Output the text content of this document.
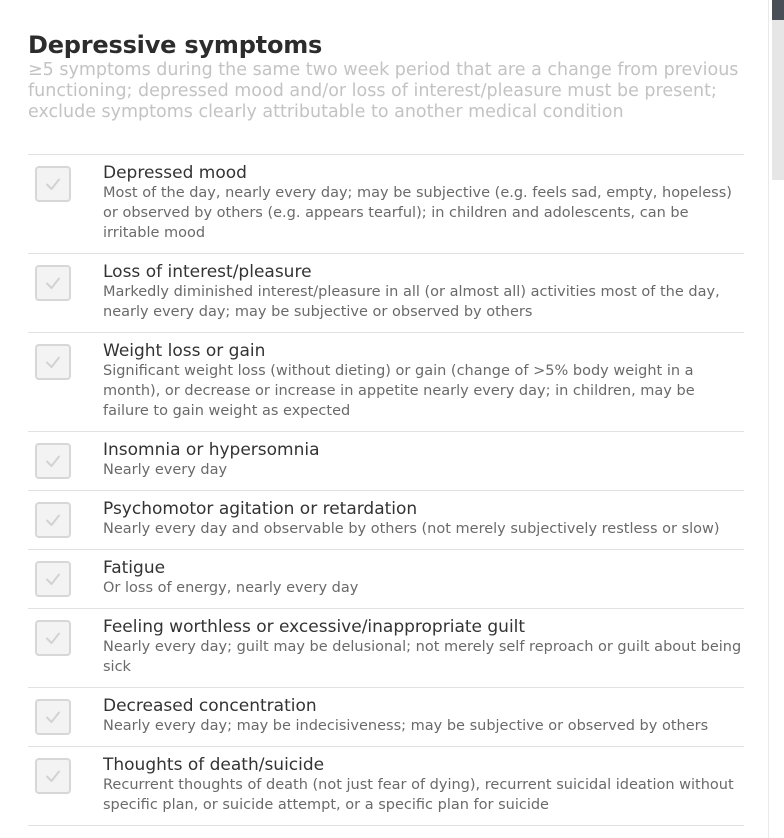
Depressive symptoms

≥5 symptoms during the same two week period that are a change from previous functioning; depressed mood and/or loss of interest/pleasure must be present; exclude symptoms clearly attributable to another medical condition

Depressed mood

Most of the day, nearly every day; may be subjective (e.g. feels sad, empty, hopeless) or observed by others (e.g. appears tearful); in children and adolescents, can be irritable mood

Loss of interest/pleasure

Markedly diminished interest/pleasure in all (or almost all) activities most of the day, nearly every day; may be subjective or observed by others

Weight loss or gain

Significant weight loss (without dieting) or gain (change of >5% body weight in a month), or decrease or increase in appetite nearly every day; in children, may be failure to gain weight as expected

Insomnia or hypersomnia

Nearly every day

Psychomotor agitation or retardation

Nearly every day and observable by others (not merely subjectively restless or slow)

Fatigue

Or loss of energy, nearly every day

Feeling worthless or excessive/inappropriate guilt

Nearly every day; guilt may be delusional; not merely self reproach or guilt about being sick

Decreased concentration

Nearly every day; may be indecisiveness; may be subjective or observed by others

Thoughts of death/suicide

Recurrent thoughts of death (not just fear of dying), recurrent suicidal ideation without specific plan, or suicide attempt, or a specific plan for suicide
